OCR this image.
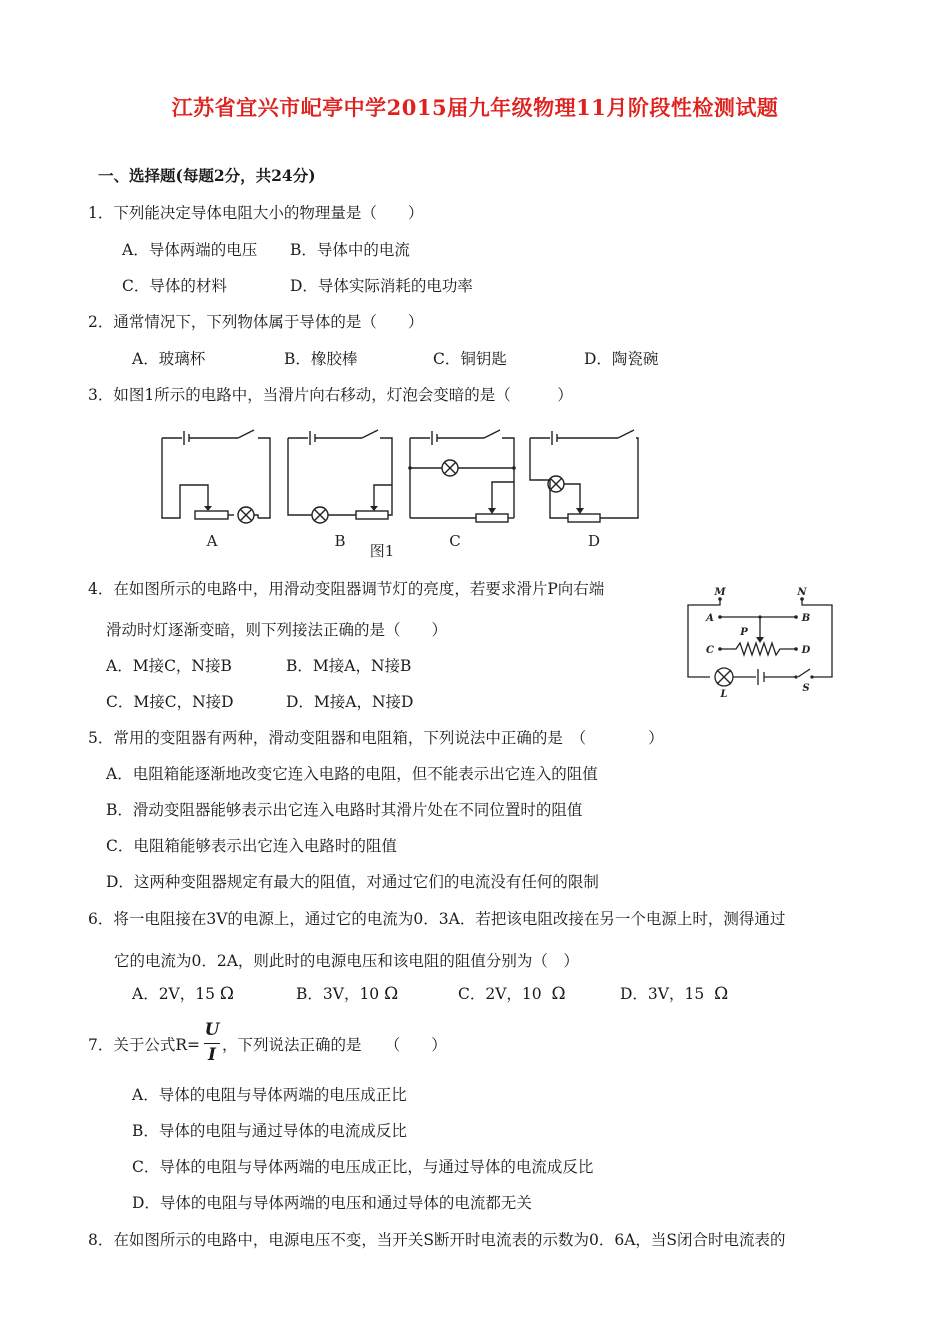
江苏省宜兴市屺亭中学2015届九年级物理11月阶段性检测试题
一、选择题(每题2分，共24分)
1．下列能决定导体电阻大小的物理量是（　　）
A．导体两端的电压 B．导体中的电流
C．导体的材料	D．导体实际消耗的电功率
2．通常情况下，下列物体属于导体的是（　　）
A．玻璃杯	B．橡胶棒	C．铜钥匙	D．陶瓷碗
3．如图1所示的电路中，当滑片向右移动，灯泡会变暗的是（　　　）
A	B
图1
C	D
4．在如图所示的电路中，用滑动变阻器调节灯的亮度，若要求滑片P向右端
滑动时灯逐渐变暗，则下列接法正确的是（　　）
A．M接C，N接B	B．M接A，N接B
C．M接C，N接D	D．M接A，N接D
M	N
A	B
P
C	D
L
S
5．常用的变阻器有两种，滑动变阻器和电阻箱，下列说法中正确的是　（　　　　）
A．电阻箱能逐渐地改变它连入电路的电阻，但不能表示出它连入的阻值
B．滑动变阻器能够表示出它连入电路时其滑片处在不同位置时的阻值
C．电阻箱能够表示出它连入电路时的阻值
D．这两种变阻器规定有最大的阻值，对通过它们的电流没有任何的限制
6．将一电阻接在3V的电源上，通过它的电流为0．3A．若把该电阻改接在另一个电源上时，测得通过
它的电流为0．2A，则此时的电源电压和该电阻的阻值分别为（　）
A．2V，15 Ω	B．3V，10 Ω	C．2V，10 Ω	D．3V，15 Ω
7．关于公式R=
U
I ，下列说法正确的是　　（　　）
A．导体的电阻与导体两端的电压成正比
B．导体的电阻与通过导体的电流成反比
C．导体的电阻与导体两端的电压成正比，与通过导体的电流成反比
D．导体的电阻与导体两端的电压和通过导体的电流都无关
8．在如图所示的电路中，电源电压不变，当开关S断开时电流表的示数为0．6A，当S闭合时电流表的
